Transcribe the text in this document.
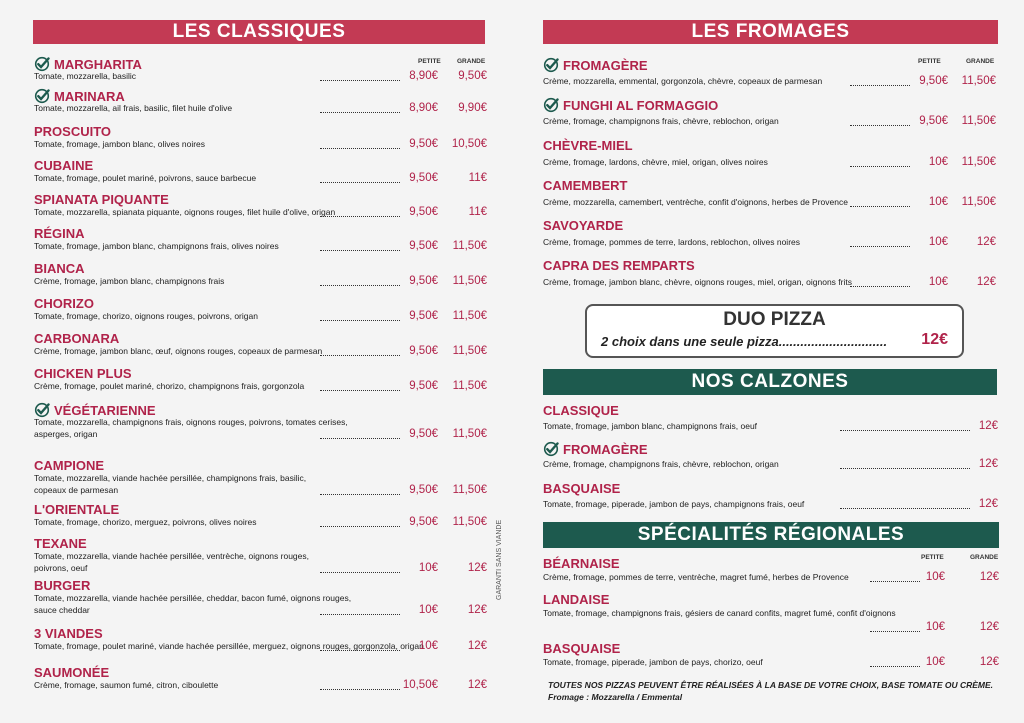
LES CLASSIQUES	LES FROMAGES
NOS CALZONES
SPÉCIALITÉS RÉGIONALES
PETITE GRANDE	PETITE	GRANDE
PETITE	GRANDE
MARGHARITA
Tomate, mozzarella, basilic	8,90€ 9,50€
MARINARA
Tomate, mozzarella, ail frais, basilic, filet huile d'olive	8,90€ 9,90€
PROSCUITO
Tomate, fromage, jambon blanc, olives noires	9,50€ 10,50€
CUBAINE
Tomate, fromage, poulet mariné, poivrons, sauce barbecue	9,50€	11€
SPIANATA PIQUANTE
Tomate, mozzarella, spianata piquante, oignons rouges, filet huile d'olive, origan	9,50€	11€
RÉGINA
Tomate, fromage, jambon blanc, champignons frais, olives noires	9,50€ 11,50€
BIANCA
Crème, fromage, jambon blanc, champignons frais	9,50€ 11,50€
CHORIZO
Tomate, fromage, chorizo, oignons rouges, poivrons, origan	9,50€ 11,50€
CARBONARA
Crème, fromage, jambon blanc, œuf, oignons rouges, copeaux de parmesan	9,50€ 11,50€
CHICKEN PLUS
Crème, fromage, poulet mariné, chorizo, champignons frais, gorgonzola	9,50€ 11,50€
VÉGÉTARIENNE
Tomate, mozzarella, champignons frais, oignons rouges, poivrons, tomates cerises,
asperges, origan	9,50€ 11,50€
CAMPIONE
Tomate, mozzarella, viande hachée persillée, champignons frais, basilic,
copeaux de parmesan	9,50€ 11,50€
L'ORIENTALE
Tomate, fromage, chorizo, merguez, poivrons, olives noires	9,50€ 11,50€
TEXANE
Tomate, mozzarella, viande hachée persillée, ventrèche, oignons rouges,
poivrons, oeuf	10€	12€
BURGER
Tomate, mozzarella, viande hachée persillée, cheddar, bacon fumé, oignons rouges,
sauce cheddar	10€	12€
3 VIANDES
Tomate, fromage, poulet mariné, viande hachée persillée, merguez, oignons rouges, gorgonzola, origan
10€	12€
SAUMONÉE
Crème, fromage, saumon fumé, citron, ciboulette	10,50€	12€
FROMAGÈRE
Crème, mozzarella, emmental, gorgonzola, chèvre, copeaux de parmesan	9,50€ 11,50€
FUNGHI AL FORMAGGIO
Crème, fromage, champignons frais, chèvre, reblochon, origan	9,50€ 11,50€
CHÈVRE-MIEL
Crème, fromage, lardons, chèvre, miel, origan, olives noires	10€ 11,50€
CAMEMBERT
Crème, mozzarella, camembert, ventrèche, confit d'oignons, herbes de Provence	10€ 11,50€
SAVOYARDE
Crème, fromage, pommes de terre, lardons, reblochon, olives noires	10€	12€
CAPRA DES REMPARTS
Crème, fromage, jambon blanc, chèvre, oignons rouges, miel, origan, oignons frits	10€	12€
CLASSIQUE
Tomate, fromage, jambon blanc, champignons frais, oeuf	12€
FROMAGÈRE
Crème, fromage, champignons frais, chèvre, reblochon, origan	12€
BASQUAISE
Tomate, fromage, piperade, jambon de pays, champignons frais, oeuf	12€
BÉARNAISE
Crème, fromage, pommes de terre, ventrèche, magret fumé, herbes de Provence	10€	12€
LANDAISE
Tomate, fromage, champignons frais, gésiers de canard confits, magret fumé, confit d'oignons
10€	12€
BASQUAISE
Tomate, fromage, piperade, jambon de pays, chorizo, oeuf	10€	12€
DUO PIZZA
2 choix dans une seule pizza.............................. 12€
GARANTI SANS VIANDE
TOUTES NOS PIZZAS PEUVENT ÊTRE RÉALISÉES À LA BASE DE VOTRE CHOIX, BASE TOMATE OU CRÈME.
Fromage : Mozzarella / Emmental
